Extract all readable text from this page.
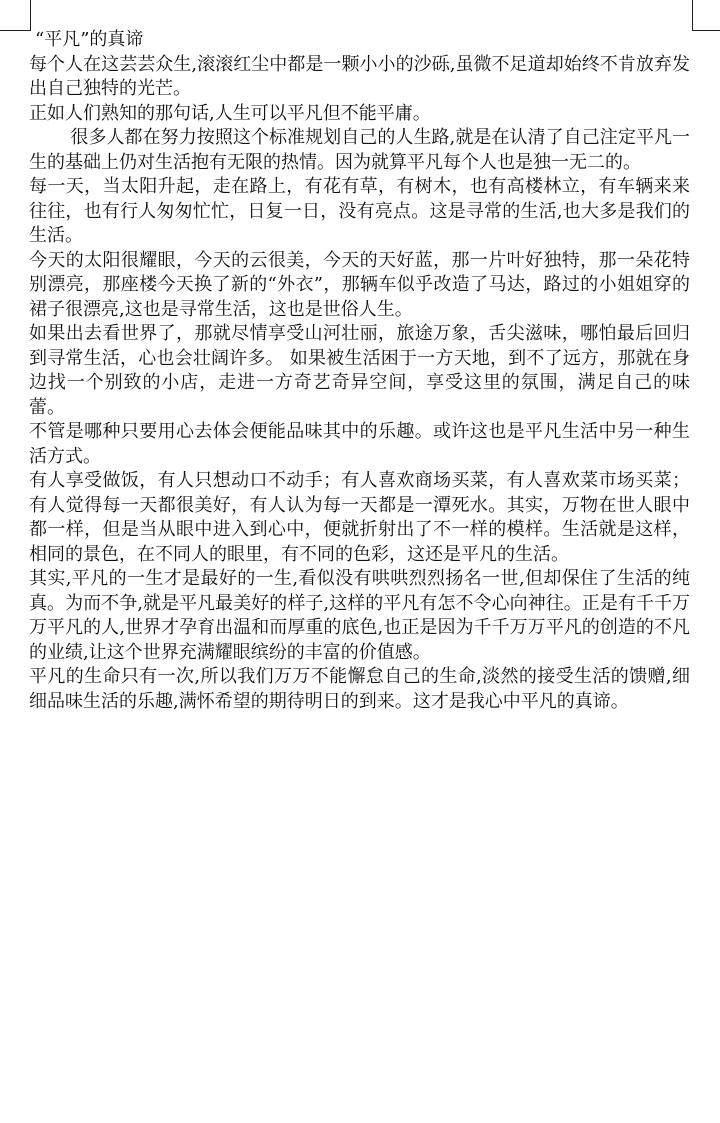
“平凡”的真谛

每个人在这芸芸众生,滚滚红尘中都是一颗小小的沙砾,虽微不足道却始终不肯放弃发出自己独特的光芒。

正如人们熟知的那句话,人生可以平凡但不能平庸。

很多人都在努力按照这个标准规划自己的人生路,就是在认清了自己注定平凡一生的基础上仍对生活抱有无限的热情。因为就算平凡每个人也是独一无二的。

每一天，当太阳升起，走在路上，有花有草，有树木，也有高楼林立，有车辆来来往往，也有行人匆匆忙忙，日复一日，没有亮点。这是寻常的生活,也大多是我们的生活。

今天的太阳很耀眼，今天的云很美，今天的天好蓝，那一片叶好独特，那一朵花特别漂亮，那座楼今天换了新的“外衣”，那辆车似乎改造了马达，路过的小姐姐穿的裙子很漂亮,这也是寻常生活，这也是世俗人生。

如果出去看世界了，那就尽情享受山河壮丽，旅途万象，舌尖滋味，哪怕最后回归到寻常生活，心也会壮阔许多。 如果被生活困于一方天地，到不了远方，那就在身边找一个别致的小店，走进一方奇艺奇异空间，享受这里的氛围，满足自己的味蕾。

不管是哪种只要用心去体会便能品味其中的乐趣。或许这也是平凡生活中另一种生活方式。

有人享受做饭，有人只想动口不动手；有人喜欢商场买菜，有人喜欢菜市场买菜；有人觉得每一天都很美好，有人认为每一天都是一潭死水。其实，万物在世人眼中都一样，但是当从眼中进入到心中，便就折射出了不一样的模样。生活就是这样，相同的景色，在不同人的眼里，有不同的色彩，这还是平凡的生活。

其实,平凡的一生才是最好的一生,看似没有哄哄烈烈扬名一世,但却保住了生活的纯真。为而不争,就是平凡最美好的样子,这样的平凡有怎不令心向神往。正是有千千万万平凡的人,世界才孕育出温和而厚重的底色,也正是因为千千万万平凡的创造的不凡的业绩,让这个世界充满耀眼缤纷的丰富的价值感。

平凡的生命只有一次,所以我们万万不能懈怠自己的生命,淡然的接受生活的馈赠,细细品味生活的乐趣,满怀希望的期待明日的到来。这才是我心中平凡的真谛。
